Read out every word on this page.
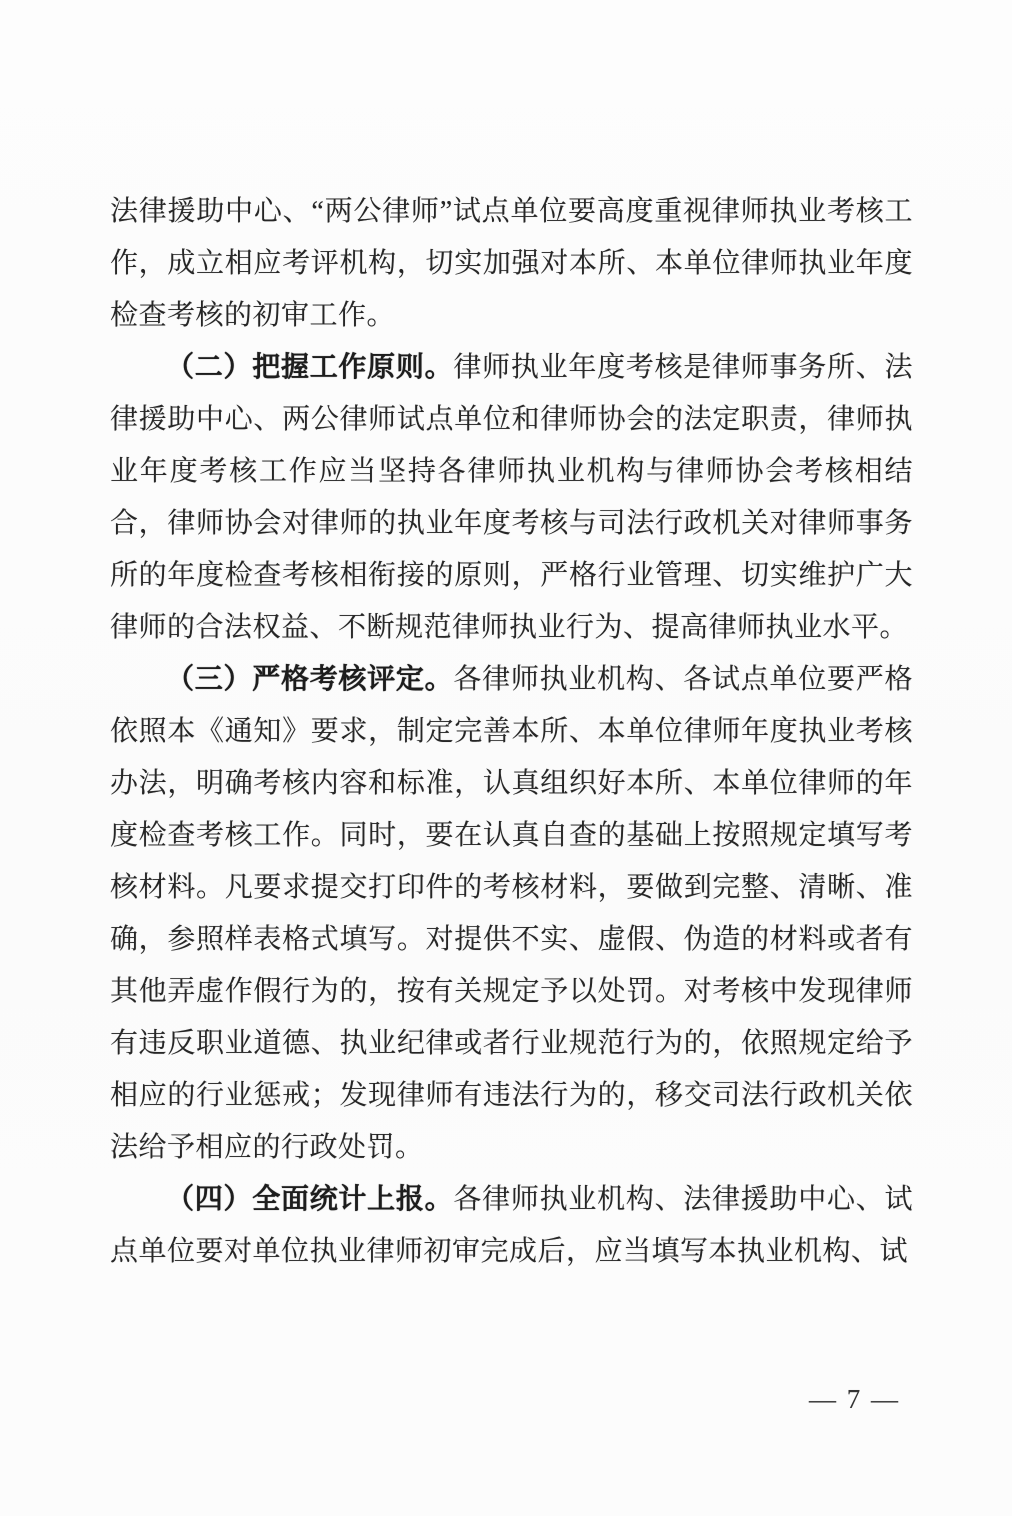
法律援助中心、“两公律师”试点单位要高度重视律师执业考核工作，成立相应考评机构，切实加强对本所、本单位律师执业年度检查考核的初审工作。

（二）把握工作原则。律师执业年度考核是律师事务所、法律援助中心、两公律师试点单位和律师协会的法定职责，律师执业年度考核工作应当坚持各律师执业机构与律师协会考核相结合，律师协会对律师的执业年度考核与司法行政机关对律师事务所的年度检查考核相衔接的原则，严格行业管理、切实维护广大律师的合法权益、不断规范律师执业行为、提高律师执业水平。

（三）严格考核评定。各律师执业机构、各试点单位要严格依照本《通知》要求，制定完善本所、本单位律师年度执业考核办法，明确考核内容和标准，认真组织好本所、本单位律师的年度检查考核工作。同时，要在认真自查的基础上按照规定填写考核材料。凡要求提交打印件的考核材料，要做到完整、清晰、准确，参照样表格式填写。对提供不实、虚假、伪造的材料或者有其他弄虚作假行为的，按有关规定予以处罚。对考核中发现律师有违反职业道德、执业纪律或者行业规范行为的，依照规定给予相应的行业惩戒；发现律师有违法行为的，移交司法行政机关依法给予相应的行政处罚。

（四）全面统计上报。各律师执业机构、法律援助中心、试点单位要对单位执业律师初审完成后，应当填写本执业机构、试

— 7 —
